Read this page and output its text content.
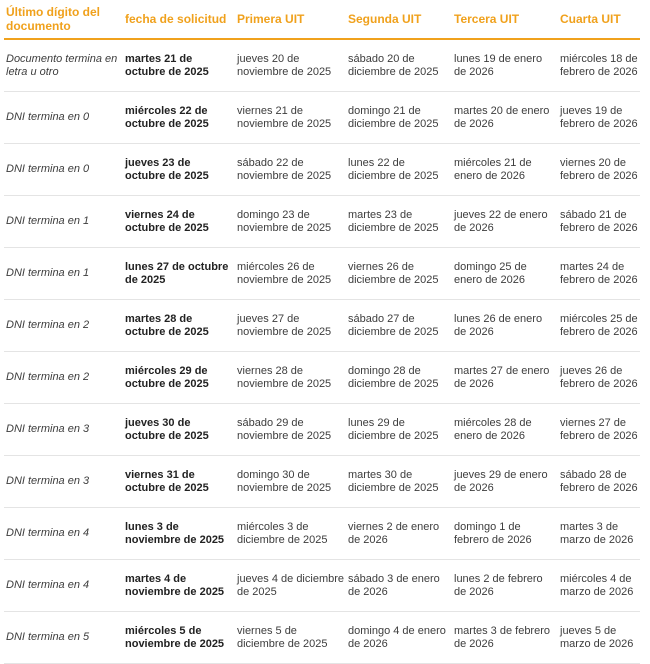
Último dígito del documento	fecha de solicitud	Primera UIT	Segunda UIT	Tercera UIT	Cuarta UIT
Documento termina en letra u otro	martes 21 de octubre de 2025	jueves 20 de noviembre de 2025	sábado 20 de diciembre de 2025	lunes 19 de enero de 2026	miércoles 18 de febrero de 2026
DNI termina en 0	miércoles 22 de octubre de 2025	viernes 21 de noviembre de 2025	domingo 21 de diciembre de 2025	martes 20 de enero de 2026	jueves 19 de febrero de 2026
DNI termina en 0	jueves 23 de octubre de 2025	sábado 22 de noviembre de 2025	lunes 22 de diciembre de 2025	miércoles 21 de enero de 2026	viernes 20 de febrero de 2026
DNI termina en 1	viernes 24 de octubre de 2025	domingo 23 de noviembre de 2025	martes 23 de diciembre de 2025	jueves 22 de enero de 2026	sábado 21 de febrero de 2026
DNI termina en 1	lunes 27 de octubre de 2025	miércoles 26 de noviembre de 2025	viernes 26 de diciembre de 2025	domingo 25 de enero de 2026	martes 24 de febrero de 2026
DNI termina en 2	martes 28 de octubre de 2025	jueves 27 de noviembre de 2025	sábado 27 de diciembre de 2025	lunes 26 de enero de 2026	miércoles 25 de febrero de 2026
DNI termina en 2	miércoles 29 de octubre de 2025	viernes 28 de noviembre de 2025	domingo 28 de diciembre de 2025	martes 27 de enero de 2026	jueves 26 de febrero de 2026
DNI termina en 3	jueves 30 de octubre de 2025	sábado 29 de noviembre de 2025	lunes 29 de diciembre de 2025	miércoles 28 de enero de 2026	viernes 27 de febrero de 2026
DNI termina en 3	viernes 31 de octubre de 2025	domingo 30 de noviembre de 2025	martes 30 de diciembre de 2025	jueves 29 de enero de 2026	sábado 28 de febrero de 2026
DNI termina en 4	lunes 3 de noviembre de 2025	miércoles 3 de diciembre de 2025	viernes 2 de enero de 2026	domingo 1 de febrero de 2026	martes 3 de marzo de 2026
DNI termina en 4	martes 4 de noviembre de 2025	jueves 4 de diciembre de 2025	sábado 3 de enero de 2026	lunes 2 de febrero de 2026	miércoles 4 de marzo de 2026
DNI termina en 5	miércoles 5 de noviembre de 2025	viernes 5 de diciembre de 2025	domingo 4 de enero de 2026	martes 3 de febrero de 2026	jueves 5 de marzo de 2026
